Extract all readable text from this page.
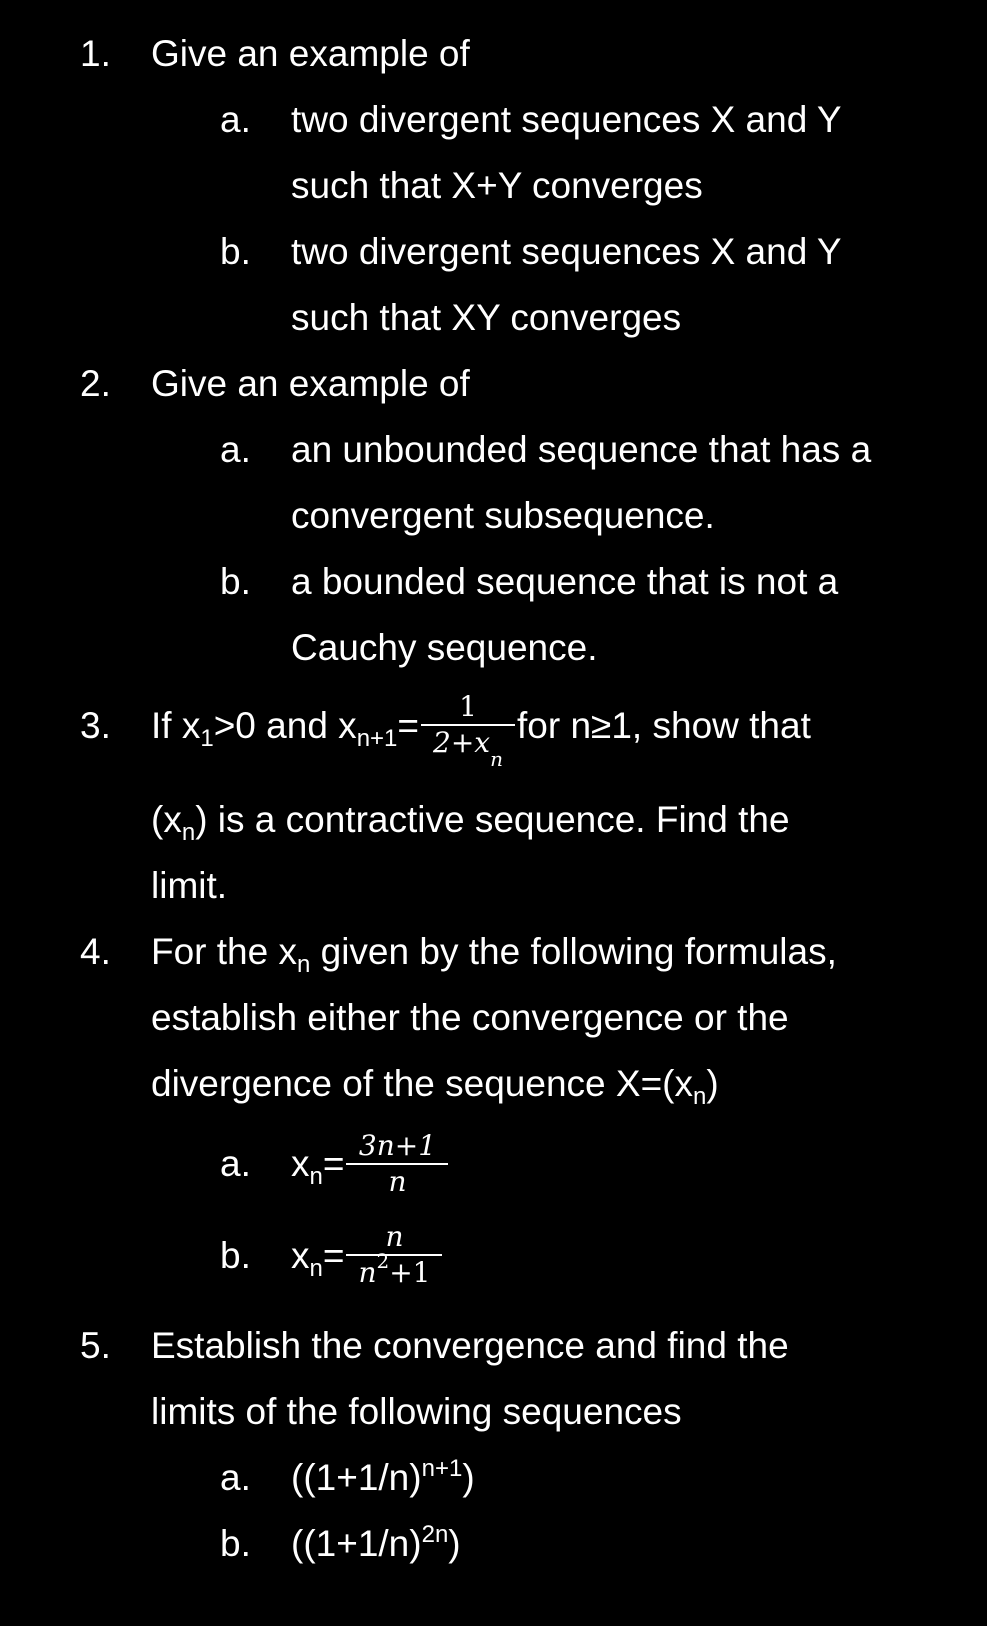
1. Give an example of
a. two divergent sequences X and Y
such that X+Y converges
b. two divergent sequences X and Y
such that XY converges
2. Give an example of
a. an unbounded sequence that has a
convergent subsequence.
b. a bounded sequence that is not a
Cauchy sequence.
3. If $x_1>0$ and $x_{n+1}= \frac{1}{2+x_n}$ for n≥1, show that
$(x_n)$ is a contractive sequence. Find the
limit.
4. For the $x_n$ given by the following formulas,
establish either the convergence or the
divergence of the sequence $X=(x_n)$
a. $x_n= \frac{3n+1}{n}$
b. $x_n= \frac{n}{n^2+1}$
5. Establish the convergence and find the
limits of the following sequences
a. $((1+1/n)^{n+1})$
b. $((1+1/n)^{2n})$
